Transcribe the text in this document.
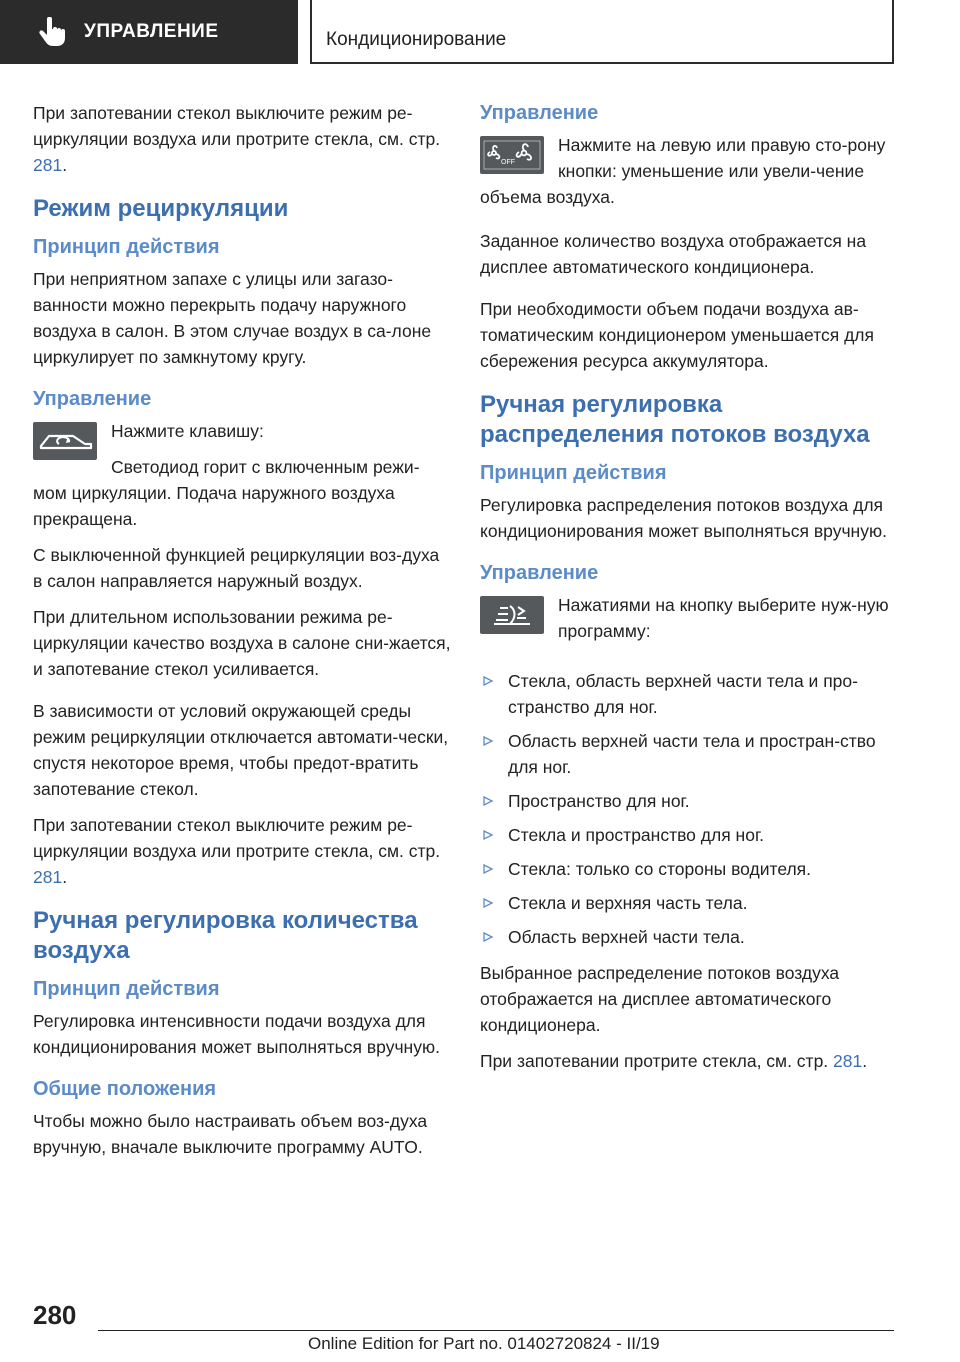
УПРАВЛЕНИЕ	Кондиционирование

При запотевании стекол выключите режим ре-циркуляции воздуха или протрите стекла, см. стр. 281.

Режим рециркуляции
Принцип действия

При неприятном запахе с улицы или загазо-ванности можно перекрыть подачу наружного воздуха в салон. В этом случае воздух в са-лоне циркулирует по замкнутому кругу.

Управление

Нажмите клавишу:

Светодиод горит с включенным режи-мом циркуляции. Подача наружного воздуха прекращена.

С выключенной функцией рециркуляции воз-духа в салон направляется наружный воздух.

При длительном использовании режима ре-циркуляции качество воздуха в салоне сни-жается, и запотевание стекол усиливается.

В зависимости от условий окружающей среды режим рециркуляции отключается автомати-чески, спустя некоторое время, чтобы предот-вратить запотевание стекол.

При запотевании стекол выключите режим ре-циркуляции воздуха или протрите стекла, см. стр. 281.

Ручная регулировка количества воздуха
Принцип действия

Регулировка интенсивности подачи воздуха для кондиционирования может выполняться вручную.

Общие положения

Чтобы можно было настраивать объем воз-духа вручную, вначале выключите программу AUTO.

Управление
OFF

Нажмите на левую или правую сто-рону кнопки: уменьшение или увели-чение объема воздуха.

Заданное количество воздуха отображается на дисплее автоматического кондиционера.

При необходимости объем подачи воздуха ав-томатическим кондиционером уменьшается для сбережения ресурса аккумулятора.

Ручная регулировка распределения потоков воздуха
Принцип действия

Регулировка распределения потоков воздуха для кондиционирования может выполняться вручную.

Управление

Нажатиями на кнопку выберите нуж-ную программу:

Стекла, область верхней части тела и про-странство для ног.
Область верхней части тела и простран-ство для ног.
Пространство для ног.
Стекла и пространство для ног.
Стекла: только со стороны водителя.
Стекла и верхняя часть тела.
Область верхней части тела.

Выбранное распределение потоков воздуха отображается на дисплее автоматического кондиционера.

При запотевании протрите стекла, см. стр. 281.

280
Online Edition for Part no. 01402720824 - II/19
